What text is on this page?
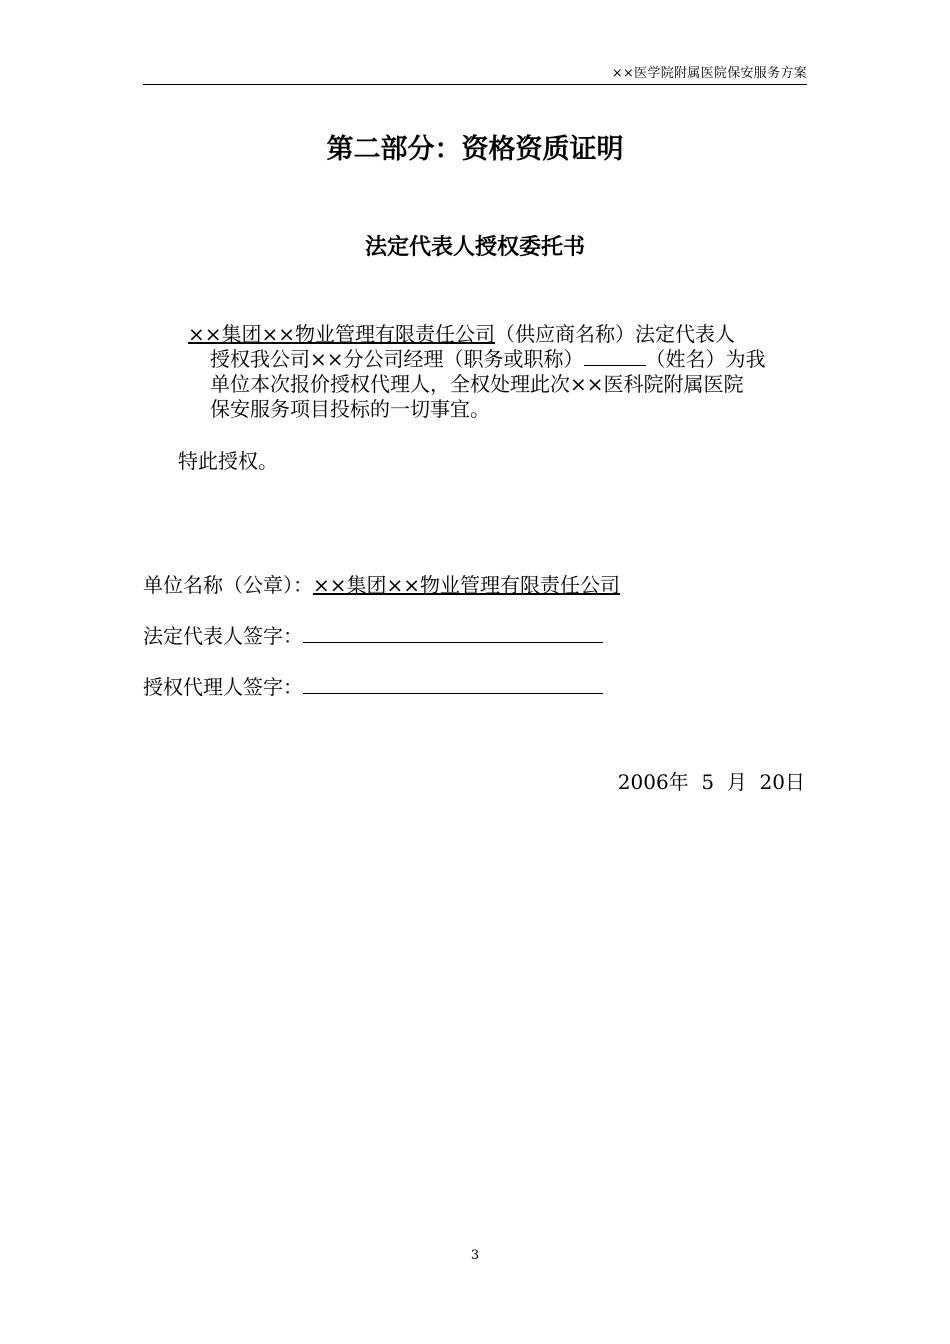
××医学院附属医院保安服务方案
第二部分：资格资质证明
法定代表人授权委托书
××集团××物业管理有限责任公司（供应商名称）法定代表人
授权我公司××分公司经理（职务或职称）	（姓名）为我
单位本次报价授权代理人，全权处理此次××医科院附属医院
保安服务项目投标的一切事宜。
特此授权。
单位名称（公章）：××集团××物业管理有限责任公司
法定代表人签字：
授权代理人签字：
2006年  5  月  20日
3
